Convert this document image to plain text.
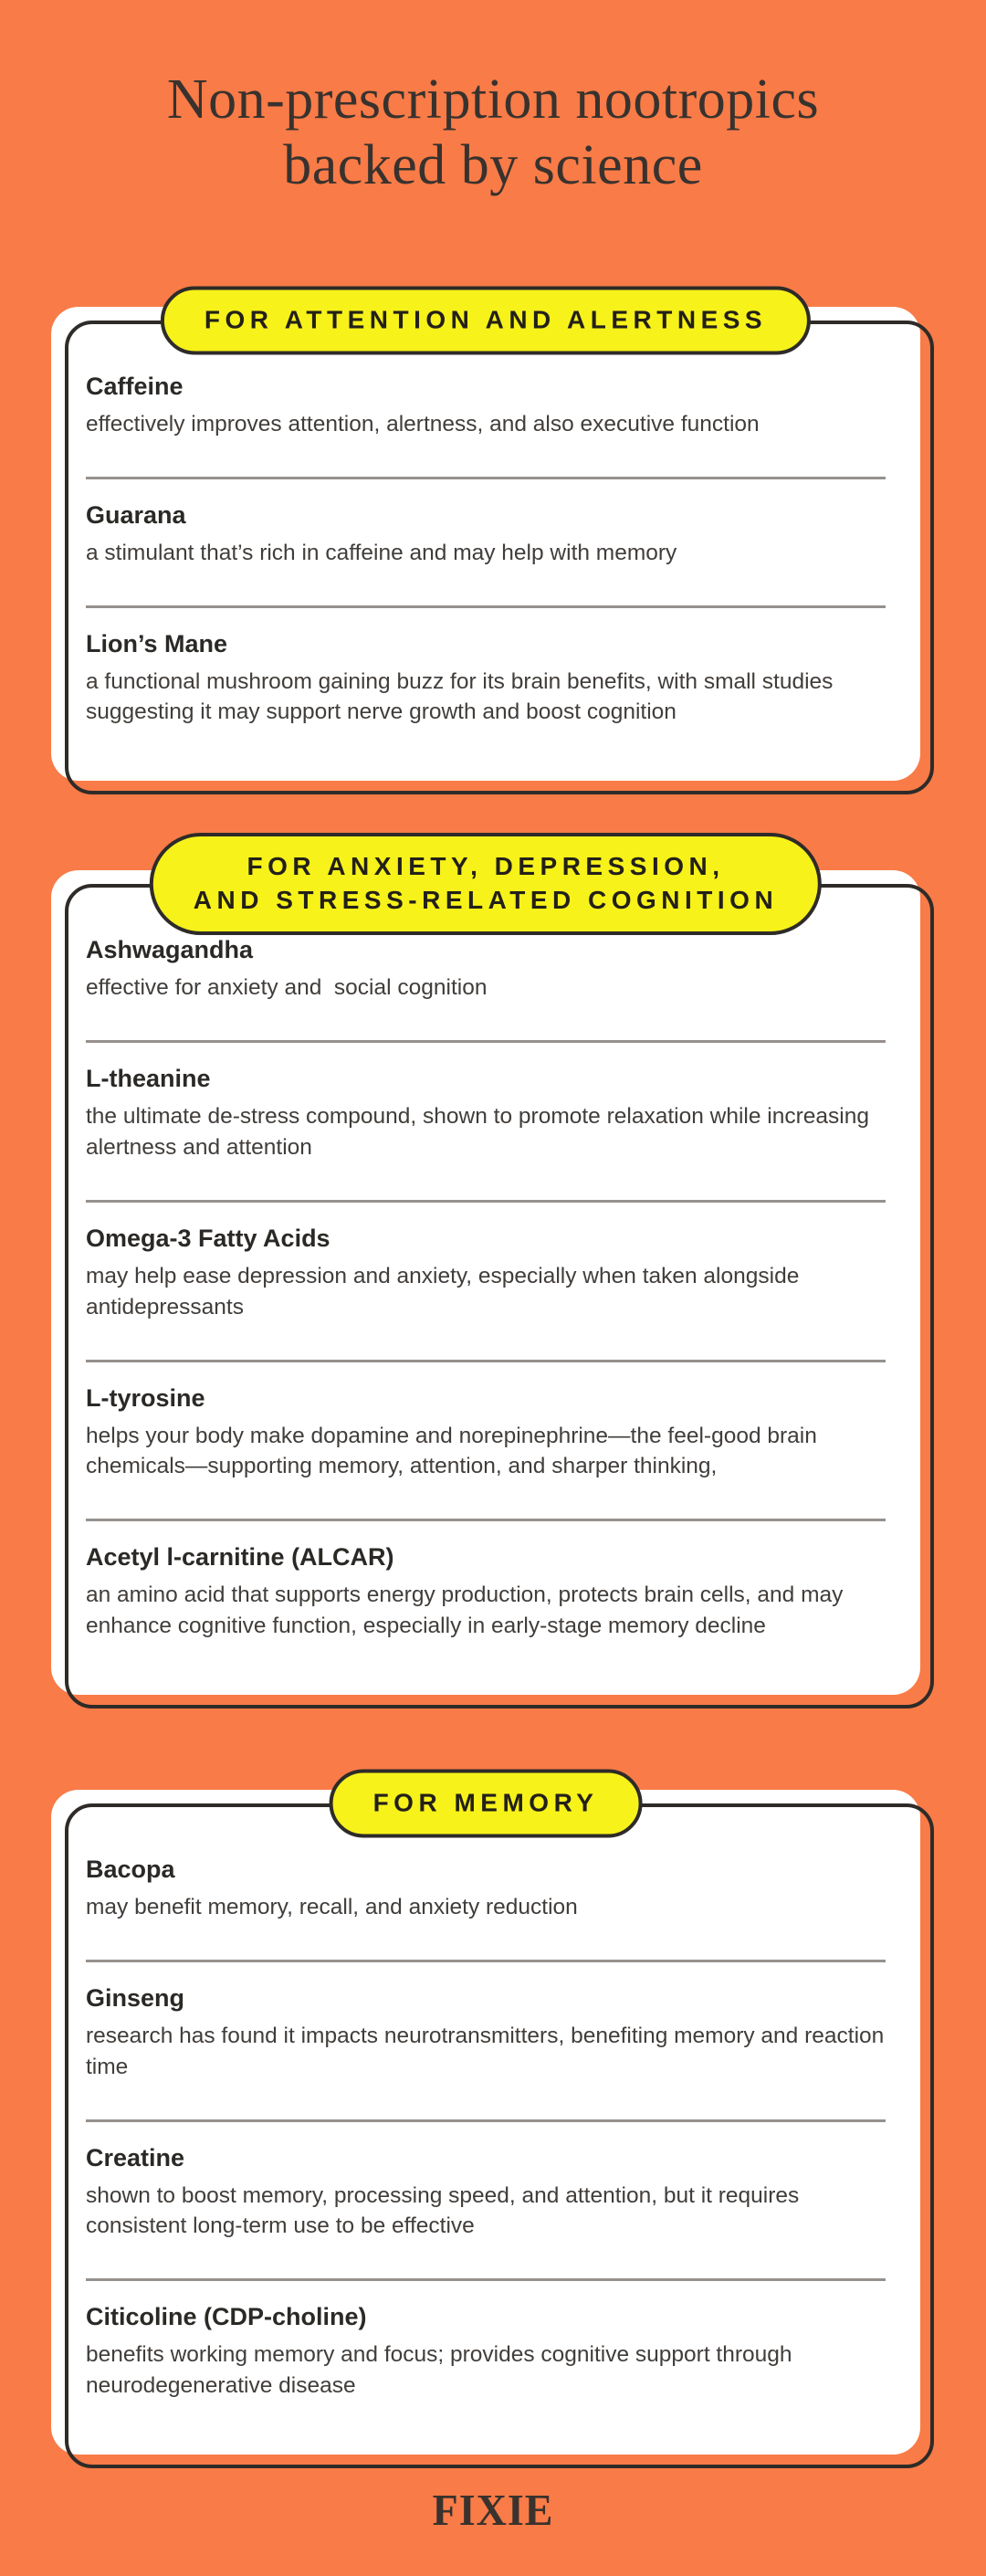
Non-prescription nootropics
backed by science
Caffeine
effectively improves attention, alertness, and also executive function
Guarana
a stimulant that’s rich in caffeine and may help with memory
Lion’s Mane
a functional mushroom gaining buzz for its brain benefits, with small studies suggesting it may support nerve growth and boost cognition
FOR ATTENTION AND ALERTNESS
Ashwagandha
effective for anxiety and  social cognition
L-theanine
the ultimate de-stress compound, shown to promote relaxation while increasing alertness and attention
Omega-3 Fatty Acids
may help ease depression and anxiety, especially when taken alongside antidepressants
L-tyrosine
helps your body make dopamine and norepinephrine—the feel-good brain chemicals—supporting memory, attention, and sharper thinking,
Acetyl l-carnitine (ALCAR)
an amino acid that supports energy production, protects brain cells, and may enhance cognitive function, especially in early-stage memory decline
FOR ANXIETY, DEPRESSION,
AND STRESS-RELATED COGNITION
Bacopa
may benefit memory, recall, and anxiety reduction
Ginseng
research has found it impacts neurotransmitters, benefiting memory and reaction time
Creatine
shown to boost memory, processing speed, and attention, but it requires consistent long-term use to be effective
Citicoline (CDP-choline)
benefits working memory and focus; provides cognitive support through neurodegenerative disease
FOR MEMORY
FIXIE
